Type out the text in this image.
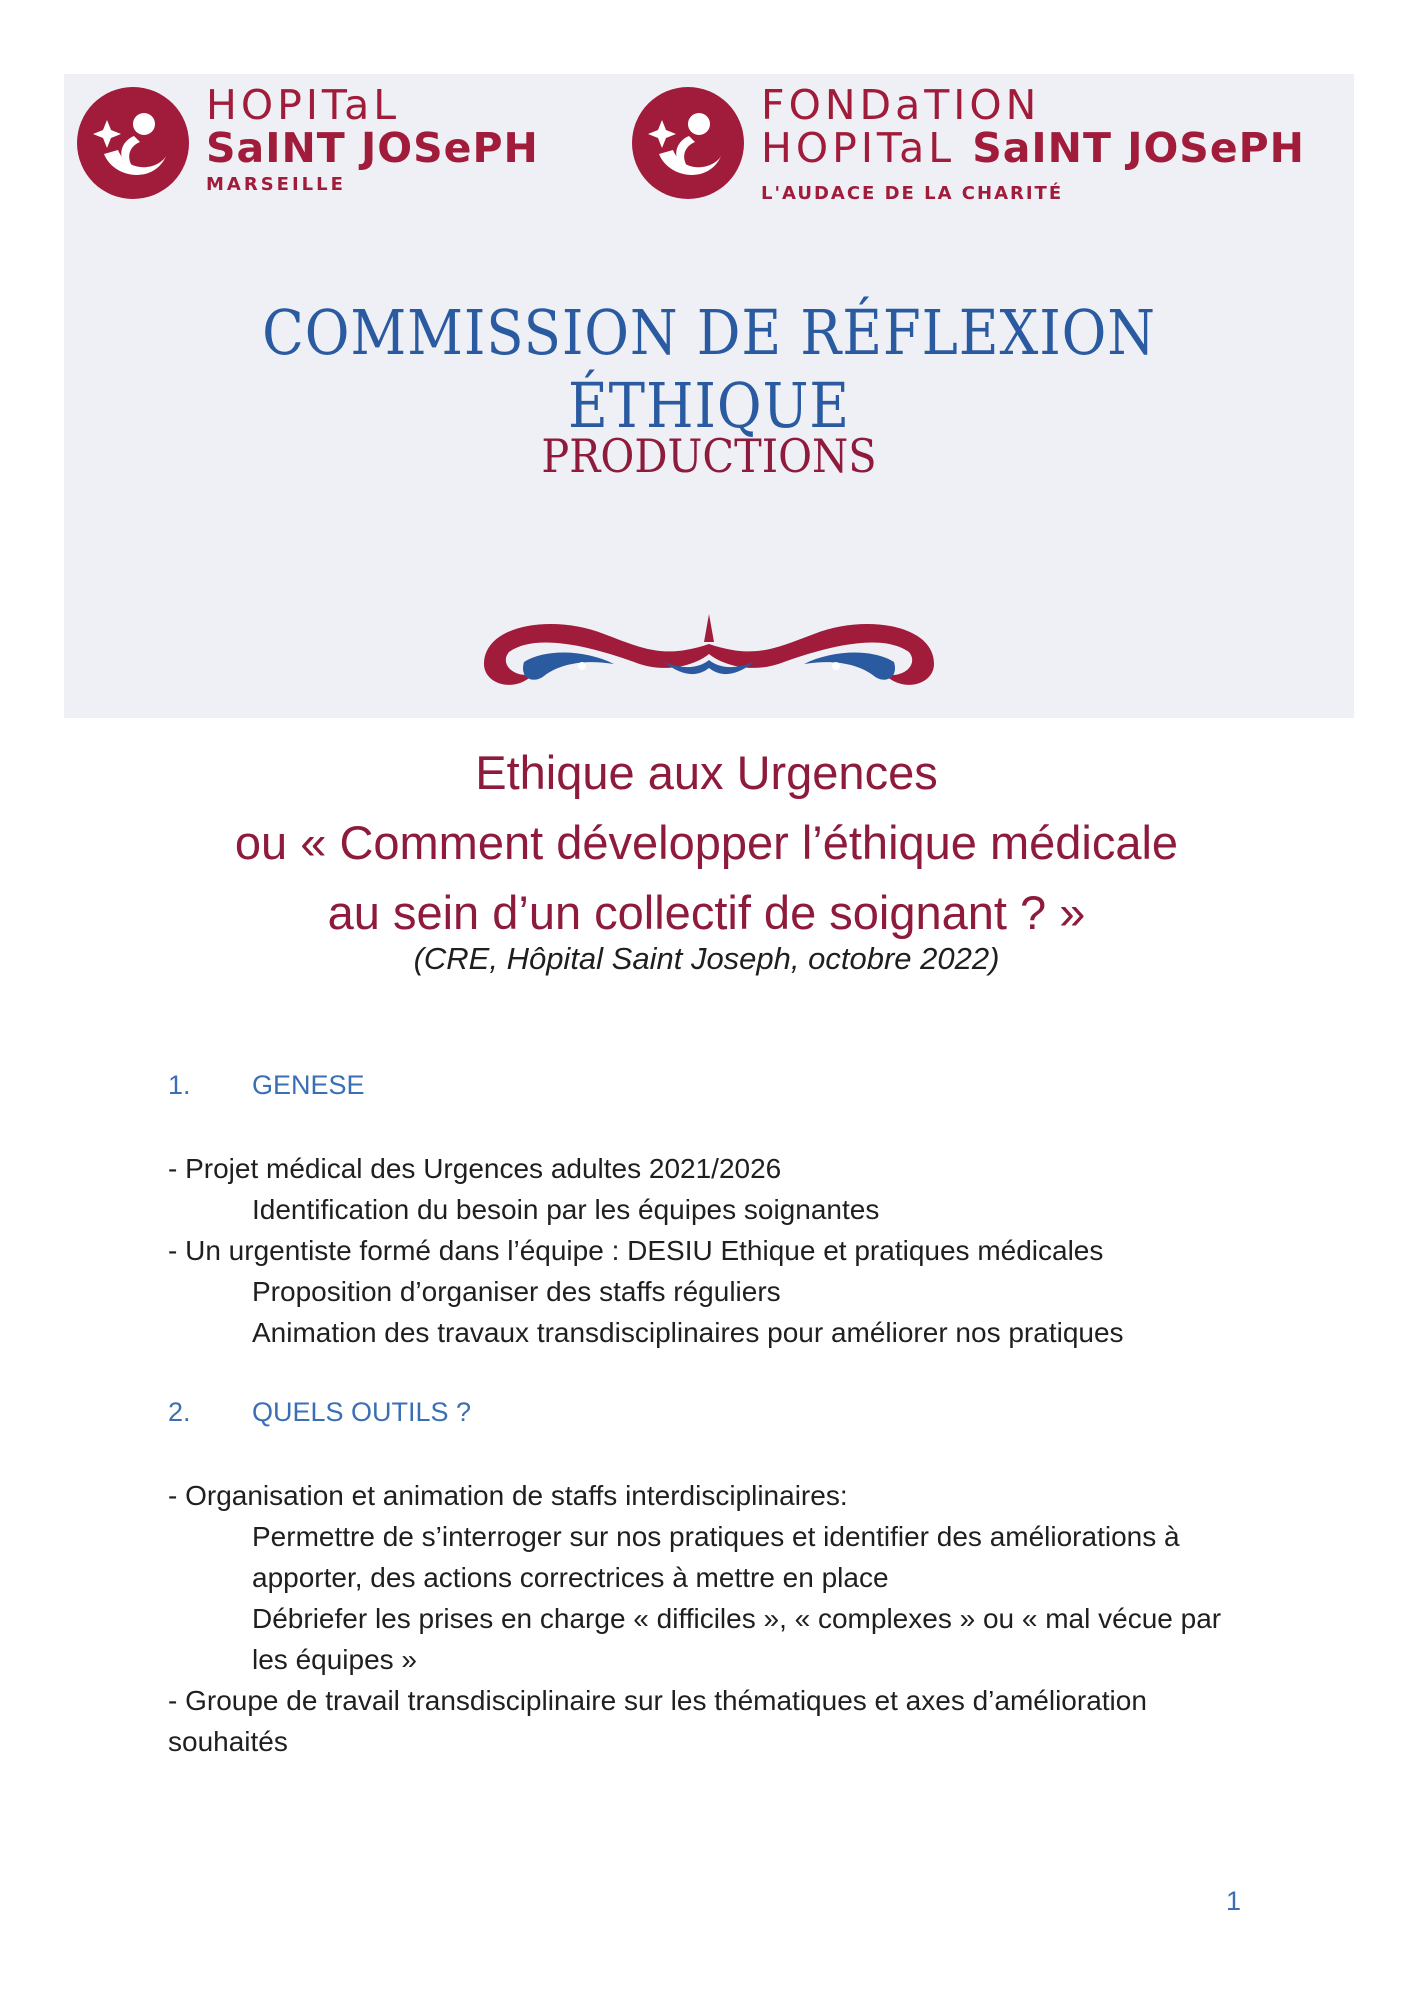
HOPITaL
SaINT JOSePH
MARSEILLE
FONDaTION
HOPITaL SaINT JOSePH
L'AUDACE DE LA CHARITÉ
COMMISSION DE RÉFLEXION ÉTHIQUE
PRODUCTIONS
Ethique aux Urgences
ou « Comment développer l’éthique médicale
au sein d’un collectif de soignant ? »
(CRE, Hôpital Saint Joseph, octobre 2022)
1.	GENESE
- Projet médical des Urgences adultes 2021/2026
Identification du besoin par les équipes soignantes
- Un urgentiste formé dans l’équipe : DESIU Ethique et pratiques médicales
Proposition d’organiser des staffs réguliers
Animation des travaux transdisciplinaires pour améliorer nos pratiques
2.	QUELS OUTILS ?
- Organisation et animation de staffs interdisciplinaires:
Permettre de s’interroger sur nos pratiques et identifier des améliorations à apporter, des actions correctrices à mettre en place
Débriefer les prises en charge « difficiles », « complexes » ou « mal vécue par les équipes »
- Groupe de travail transdisciplinaire sur les thématiques et axes d’amélioration souhaités
1
